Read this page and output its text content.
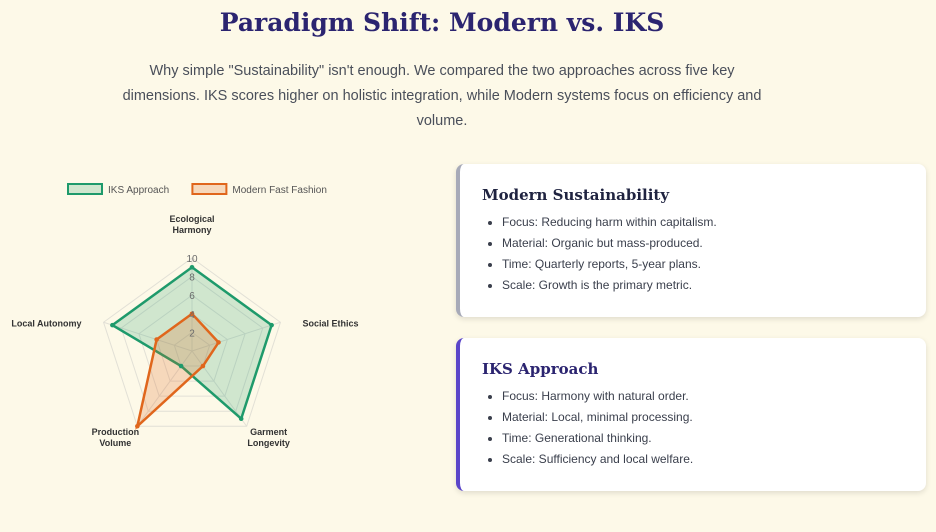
Paradigm Shift: Modern vs. IKS

Why simple "Sustainability" isn't enough. We compared the two approaches across five key dimensions. IKS scores higher on holistic integration, while Modern systems focus on efficiency and volume.

IKS Approach	Modern Fast Fashion
2
4
6
8
10
Ecological
Harmony
Social Ethics
Garment
Longevity
Production
Volume
Local Autonomy
Modern Sustainability
• Focus: Reducing harm within capitalism.
• Material: Organic but mass-produced.
• Time: Quarterly reports, 5-year plans.
• Scale: Growth is the primary metric.
IKS Approach
• Focus: Harmony with natural order.
• Material: Local, minimal processing.
• Time: Generational thinking.
• Scale: Sufficiency and local welfare.
